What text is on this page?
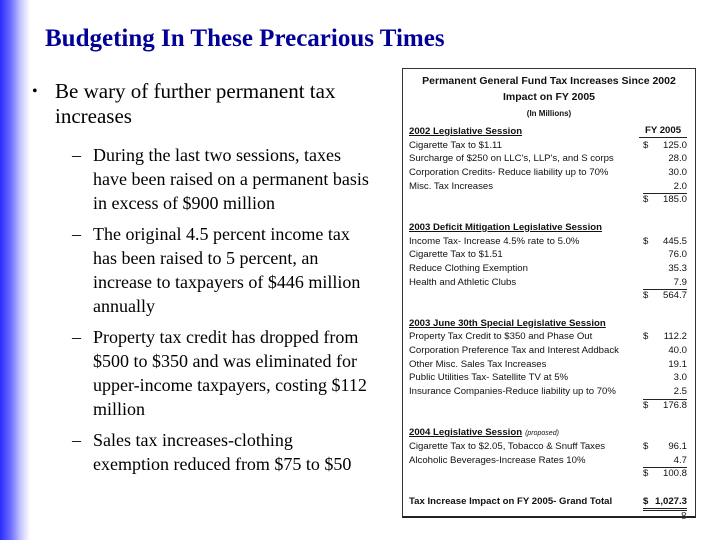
Budgeting In These Precarious Times
• Be wary of further permanent tax increases
– During the last two sessions, taxes have been raised on a permanent basis in excess of $900 million
– The original 4.5 percent income tax has been raised to 5 percent, an increase to taxpayers of $446 million annually
– Property tax credit has dropped from $500 to $350 and was eliminated for upper-income taxpayers, costing $112 million
– Sales tax increases-clothing exemption reduced from $75 to $50
Permanent General Fund Tax Increases Since 2002
Impact on FY 2005
(In Millions)
2002 Legislative Session	FY 2005
Cigarette Tax to $1.11	$ 125.0
Surcharge of $250 on LLC's, LLP's, and S corps	28.0
Corporation Credits- Reduce liability up to 70%	30.0
Misc. Tax Increases	2.0
$ 185.0
2003 Deficit Mitigation Legislative Session
Income Tax- Increase 4.5% rate to 5.0%	$ 445.5
Cigarette Tax to $1.51	76.0
Reduce Clothing Exemption	35.3
Health and Athletic Clubs	7.9
$ 564.7
2003 June 30th Special Legislative Session
Property Tax Credit to $350 and Phase Out	$ 112.2
Corporation Preference Tax and Interest Addback	40.0
Other Misc. Sales Tax Increases	19.1
Public Utilities Tax- Satellite TV at 5%	3.0
Insurance Companies-Reduce liability up to 70%	2.5
$ 176.8
2004 Legislative Session (proposed)
Cigarette Tax to $2.05, Tobacco & Snuff Taxes	$ 96.1
Alcoholic Beverages-Increase Rates 10%	4.7
$ 100.8
Tax Increase Impact on FY 2005- Grand Total	$ 1,027.3
8
